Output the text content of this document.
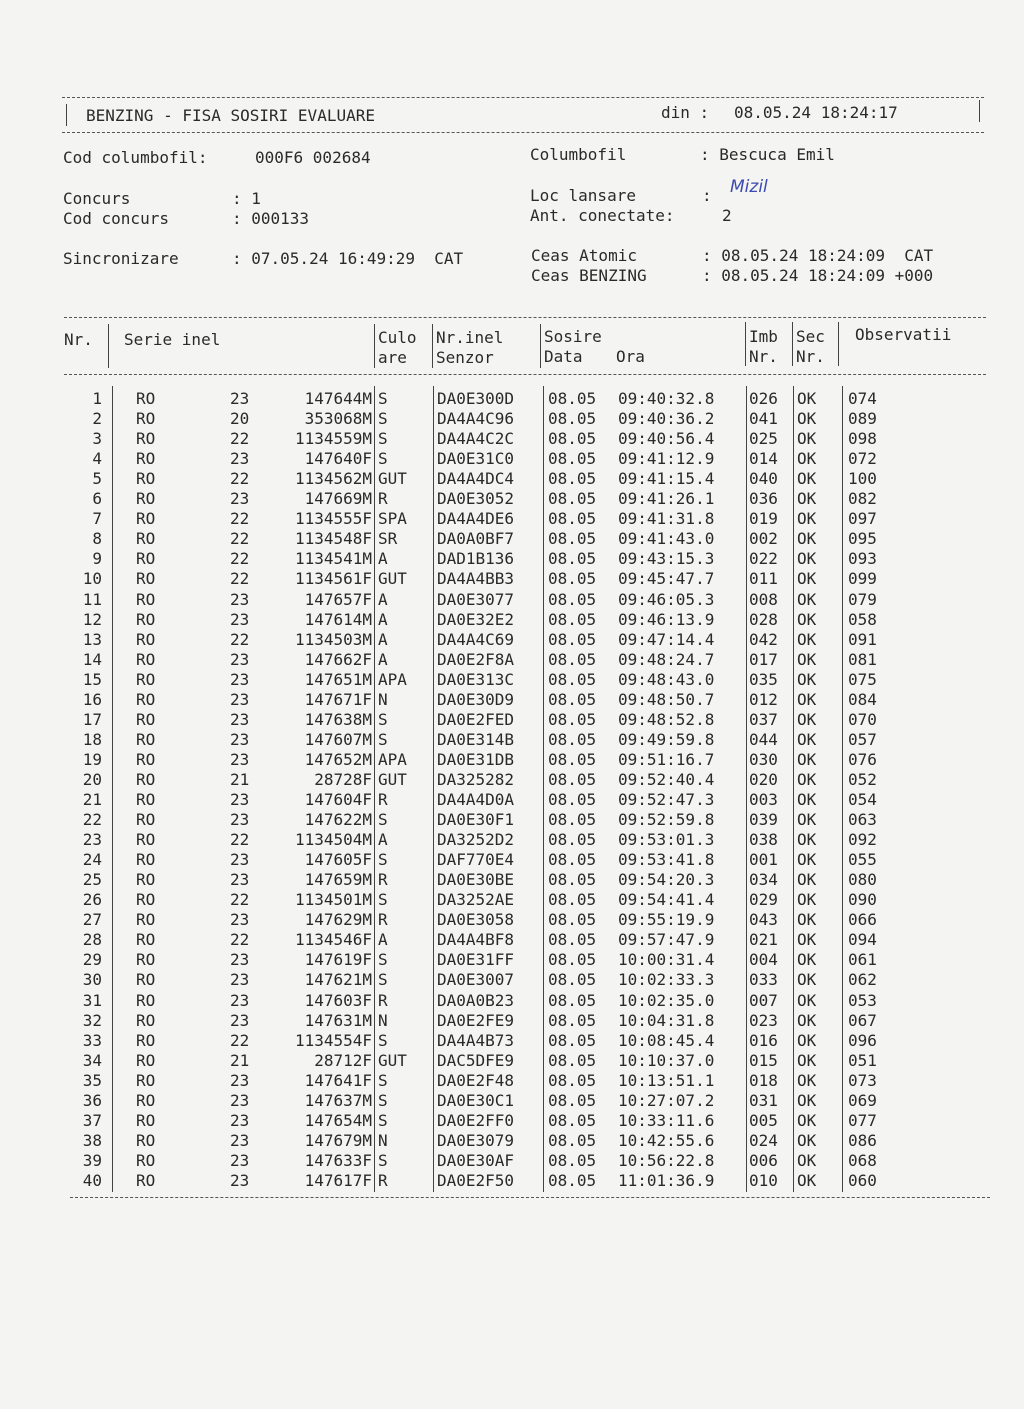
BENZING - FISA SOSIRI EVALUARE	din : 08.05.24 18:24:17
Cod columbofil:	000F6 002684	Columbofil	: Bescuca Emil
Concurs	: 1	Loc lansare	: Mizil
Cod concurs	: 000133	Ant. conectate:	2
Sincronizare	: 07.05.24 16:49:29  CAT	Ceas Atomic	: 08.05.24 18:24:09  CAT
Ceas BENZING	: 08.05.24 18:24:09 +000
Nr. Serie inel	Culo
are
Nr.inel
Senzor
Sosire
Data Ora
Imb
Nr.
Sec
Nr.
Observatii
1 RO	23	147644M S	DA0E300D 08.05 09:40:32.8 026 OK 074
2 RO	20	353068M S	DA4A4C96 08.05 09:40:36.2 041 OK 089
3 RO	22	1134559M S	DA4A4C2C 08.05 09:40:56.4 025 OK 098
4 RO	23	147640F S	DA0E31C0 08.05 09:41:12.9 014 OK 072
5 RO	22	1134562M GUT DA4A4DC4 08.05 09:41:15.4 040 OK 100
6 RO	23	147669M R	DA0E3052 08.05 09:41:26.1 036 OK 082
7 RO	22	1134555F SPA DA4A4DE6 08.05 09:41:31.8 019 OK 097
8 RO	22	1134548F SR DA0A0BF7 08.05 09:41:43.0 002 OK 095
9 RO	22	1134541M A	DAD1B136 08.05 09:43:15.3 022 OK 093
10 RO	22	1134561F GUT DA4A4BB3 08.05 09:45:47.7 011 OK 099
11 RO	23	147657F A	DA0E3077 08.05 09:46:05.3 008 OK 079
12 RO	23	147614M A	DA0E32E2 08.05 09:46:13.9 028 OK 058
13 RO	22	1134503M A	DA4A4C69 08.05 09:47:14.4 042 OK 091
14 RO	23	147662F A	DA0E2F8A 08.05 09:48:24.7 017 OK 081
15 RO	23	147651M APA DA0E313C 08.05 09:48:43.0 035 OK 075
16 RO	23	147671F N	DA0E30D9 08.05 09:48:50.7 012 OK 084
17 RO	23	147638M S	DA0E2FED 08.05 09:48:52.8 037 OK 070
18 RO	23	147607M S	DA0E314B 08.05 09:49:59.8 044 OK 057
19 RO	23	147652M APA DA0E31DB 08.05 09:51:16.7 030 OK 076
20 RO	21	28728F GUT DA325282 08.05 09:52:40.4 020 OK 052
21 RO	23	147604F R	DA4A4D0A 08.05 09:52:47.3 003 OK 054
22 RO	23	147622M S	DA0E30F1 08.05 09:52:59.8 039 OK 063
23 RO	22	1134504M A	DA3252D2 08.05 09:53:01.3 038 OK 092
24 RO	23	147605F S	DAF770E4 08.05 09:53:41.8 001 OK 055
25 RO	23	147659M R	DA0E30BE 08.05 09:54:20.3 034 OK 080
26 RO	22	1134501M S	DA3252AE 08.05 09:54:41.4 029 OK 090
27 RO	23	147629M R	DA0E3058 08.05 09:55:19.9 043 OK 066
28 RO	22	1134546F A	DA4A4BF8 08.05 09:57:47.9 021 OK 094
29 RO	23	147619F S	DA0E31FF 08.05 10:00:31.4 004 OK 061
30 RO	23	147621M S	DA0E3007 08.05 10:02:33.3 033 OK 062
31 RO	23	147603F R	DA0A0B23 08.05 10:02:35.0 007 OK 053
32 RO	23	147631M N	DA0E2FE9 08.05 10:04:31.8 023 OK 067
33 RO	22	1134554F S	DA4A4B73 08.05 10:08:45.4 016 OK 096
34 RO	21	28712F GUT DAC5DFE9 08.05 10:10:37.0 015 OK 051
35 RO	23	147641F S	DA0E2F48 08.05 10:13:51.1 018 OK 073
36 RO	23	147637M S	DA0E30C1 08.05 10:27:07.2 031 OK 069
37 RO	23	147654M S	DA0E2FF0 08.05 10:33:11.6 005 OK 077
38 RO	23	147679M N	DA0E3079 08.05 10:42:55.6 024 OK 086
39 RO	23	147633F S	DA0E30AF 08.05 10:56:22.8 006 OK 068
40 RO	23	147617F R	DA0E2F50 08.05 11:01:36.9 010 OK 060
